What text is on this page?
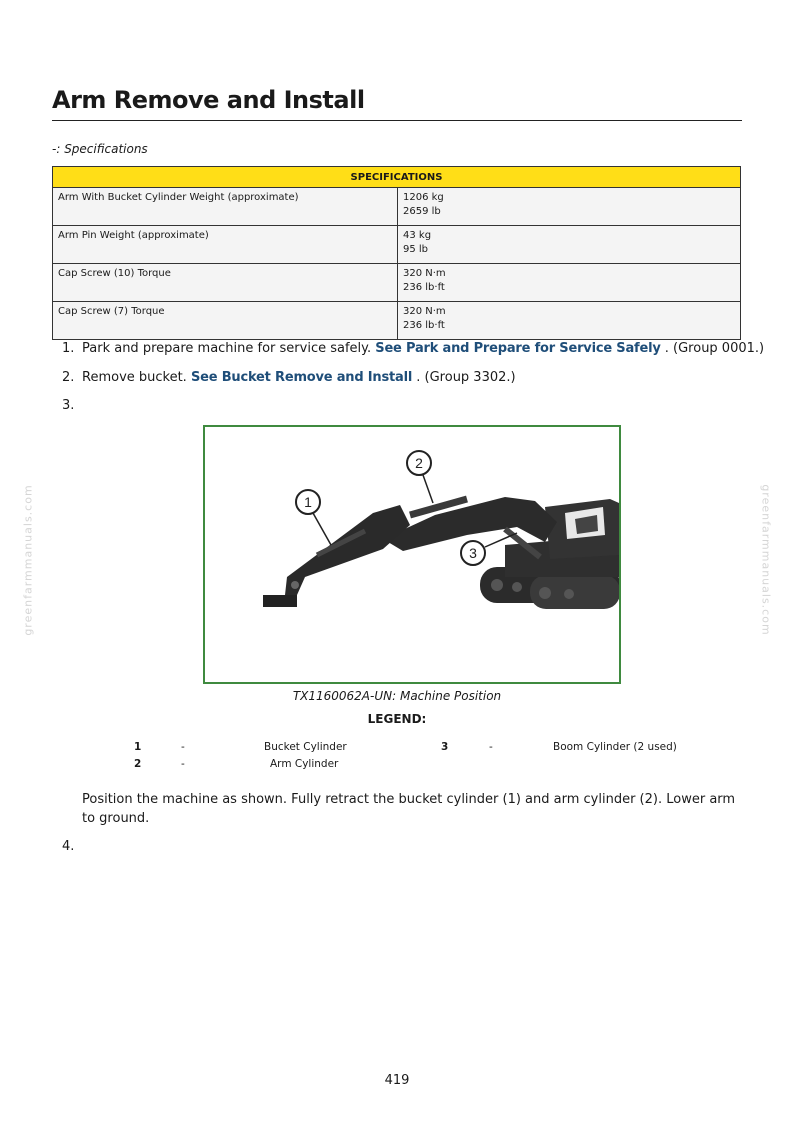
Arm Remove and Install
-: Specifications
SPECIFICATIONS	
Arm With Bucket Cylinder Weight (approximate)	1206 kg
2659 lb
Arm Pin Weight (approximate)	43 kg
95 lb
Cap Screw (10) Torque	320 N·m
236 lb·ft
Cap Screw (7) Torque	320 N·m
236 lb·ft
1. Park and prepare machine for service safely. See Park and Prepare for Service Safely . (Group 0001.)
2. Remove bucket. See Bucket Remove and Install . (Group 3302.)
3.
1
2
3
TX1160062A-UN: Machine Position
LEGEND:
1	-	Bucket Cylinder
2	-	Arm Cylinder
3	-	Boom Cylinder (2 used)
Position the machine as shown. Fully retract the bucket cylinder (1) and arm cylinder (2). Lower arm to ground.
4.
greenfarmmanuals.com	greenfarmmanuals.com
419
